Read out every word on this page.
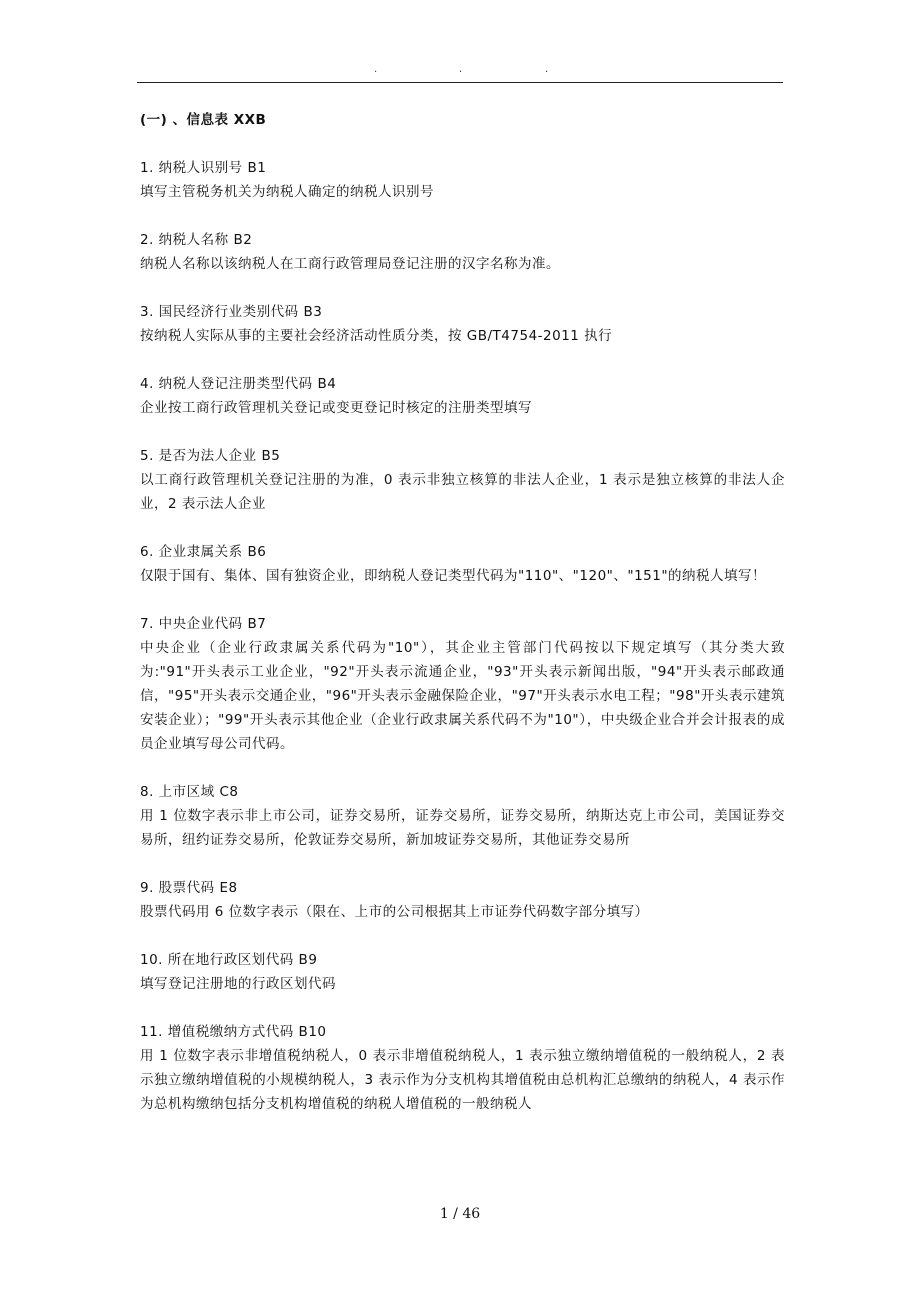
.	.	.
(一) 、信息表 XXB
1. 纳税人识别号 B1
填写主管税务机关为纳税人确定的纳税人识别号
2. 纳税人名称 B2
纳税人名称以该纳税人在工商行政管理局登记注册的汉字名称为准。
3. 国民经济行业类别代码 B3
按纳税人实际从事的主要社会经济活动性质分类，按 GB/T4754-2011 执行
4. 纳税人登记注册类型代码 B4
企业按工商行政管理机关登记或变更登记时核定的注册类型填写
5. 是否为法人企业 B5
以工商行政管理机关登记注册的为准，0 表示非独立核算的非法人企业，1 表示是独立核算的非法人企业，2 表示法人企业
6. 企业隶属关系 B6
仅限于国有、集体、国有独资企业，即纳税人登记类型代码为"110"、"120"、"151"的纳税人填写！
7. 中央企业代码 B7
中央企业（企业行政隶属关系代码为"10"），其企业主管部门代码按以下规定填写（其分类大致为:"91"开头表示工业企业，"92"开头表示流通企业，"93"开头表示新闻出版，"94"开头表示邮政通信，"95"开头表示交通企业，"96"开头表示金融保险企业，"97"开头表示水电工程；"98"开头表示建筑安装企业）；"99"开头表示其他企业（企业行政隶属关系代码不为"10"），中央级企业合并会计报表的成员企业填写母公司代码。
8. 上市区域 C8
用 1 位数字表示非上市公司，证券交易所，证券交易所，证券交易所，纳斯达克上市公司，美国证券交易所，纽约证券交易所，伦敦证券交易所，新加坡证券交易所，其他证券交易所
9. 股票代码 E8
股票代码用 6 位数字表示（限在、上市的公司根据其上市证券代码数字部分填写）
10. 所在地行政区划代码 B9
填写登记注册地的行政区划代码
11. 增值税缴纳方式代码 B10
用 1 位数字表示非增值税纳税人，0 表示非增值税纳税人，1 表示独立缴纳增值税的一般纳税人，2 表示独立缴纳增值税的小规模纳税人，3 表示作为分支机构其增值税由总机构汇总缴纳的纳税人，4 表示作为总机构缴纳包括分支机构增值税的纳税人增值税的一般纳税人
1 / 46
